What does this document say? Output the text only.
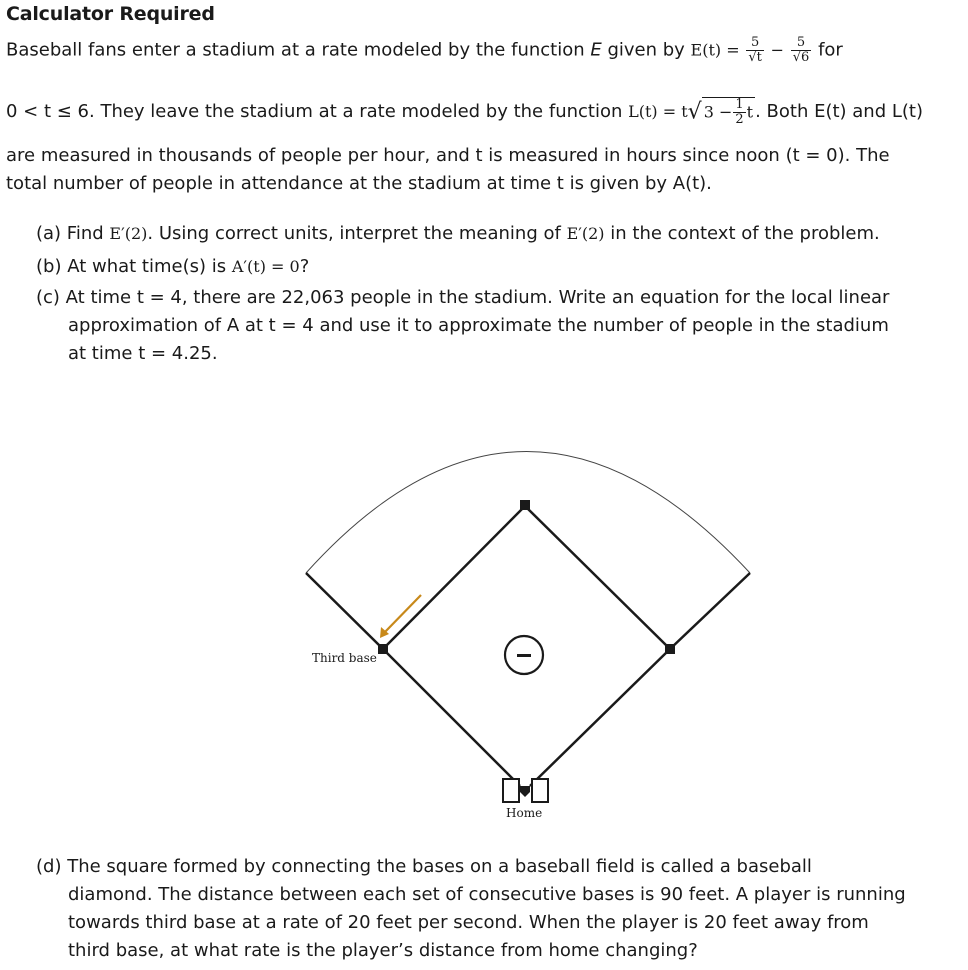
Calculator Required
Baseball fans enter a stadium at a rate modeled by the function E given by $E(t) = \frac{5}{√t} - \frac{5}{√6}$ for
0 < t ≤ 6. They leave the stadium at a rate modeled by the function L(t) = t√ $3 - \frac{1}{2}$ t . Both E(t) and L(t)
are measured in thousands of people per hour, and t is measured in hours since noon (t = 0). The
total number of people in attendance at the stadium at time t is given by A(t).
(a) Find E′(2). Using correct units, interpret the meaning of E′(2) in the context of the problem.
(b) At what time(s) is A′(t) = 0?
(c) At time t = 4, there are 22,063 people in the stadium. Write an equation for the local linear
approximation of A at t = 4 and use it to approximate the number of people in the stadium
at time t = 4.25.
Third base
Home
(d) The square formed by connecting the bases on a baseball field is called a baseball
diamond. The distance between each set of consecutive bases is 90 feet. A player is running
towards third base at a rate of 20 feet per second. When the player is 20 feet away from
third base, at what rate is the player’s distance from home changing?
